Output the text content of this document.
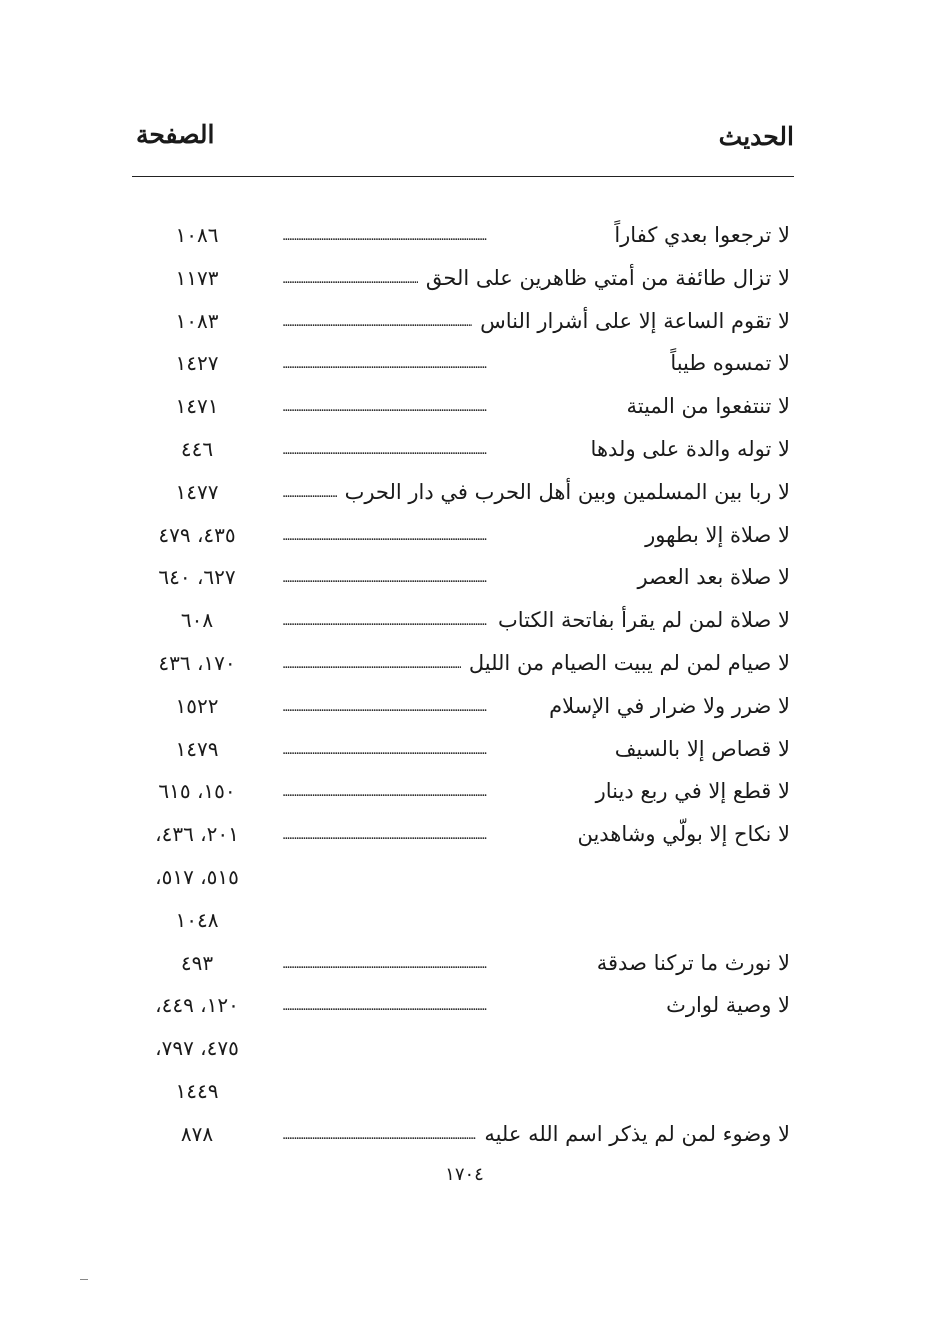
الحديث
الصفحة
١٠٨٦	لا ترجعوا بعدي كفاراً
. . .
١١٧٣	لا تزال طائفة من أمتي ظاهرين على الحق
. . .
١٠٨٣	لا تقوم الساعة إلا على أشرار الناس
. . .
١٤٢٧	لا تمسوه طيباً
. . .
١٤٧١	لا تنتفعوا من الميتة
. . .
٤٤٦	لا توله والدة على ولدها
. . .
١٤٧٧	لا ربا بين المسلمين وبين أهل الحرب في دار الحرب
. . .
٤٣٥، ٤٧٩	لا صلاة إلا بطهور
. . .
٦٢٧، ٦٤٠	لا صلاة بعد العصر
. . .
٦٠٨	لا صلاة لمن لم يقرأ بفاتحة الكتاب
. . .
١٧٠، ٤٣٦	لا صيام لمن لم يبيت الصيام من الليل
. . .
١٥٢٢	لا ضرر ولا ضرار في الإسلام
. . .
١٤٧٩	لا قصاص إلا بالسيف
. . .
١٥٠، ٦١٥	لا قطع إلا في ربع دينار
. . .
٢٠١، ٤٣٦،	لا نكاح إلا بولّي وشاهدين
. . .
٥١٥، ٥١٧،
١٠٤٨
٤٩٣	لا نورث ما تركنا صدقة
. . .
١٢٠، ٤٤٩،	لا وصية لوارث
. . .
٤٧٥، ٧٩٧،
١٤٤٩
٨٧٨	لا وضوء لمن لم يذكر اسم الله عليه
. . .
١٧٠٤
